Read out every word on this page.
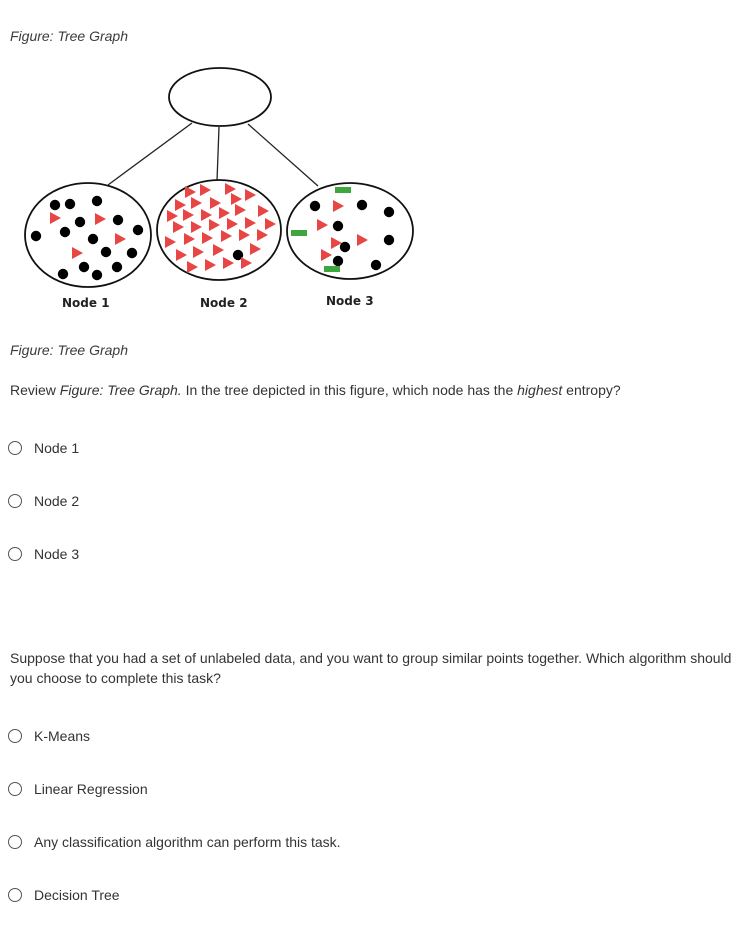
Figure: Tree Graph
Node 1	Node 2	Node 3
Figure: Tree Graph
Review Figure: Tree Graph. In the tree depicted in this figure, which node has the highest entropy?
Node 1
Node 2
Node 3
Suppose that you had a set of unlabeled data, and you want to group similar points together. Which algorithm should you choose to complete this task?
K-Means
Linear Regression
Any classification algorithm can perform this task.
Decision Tree
